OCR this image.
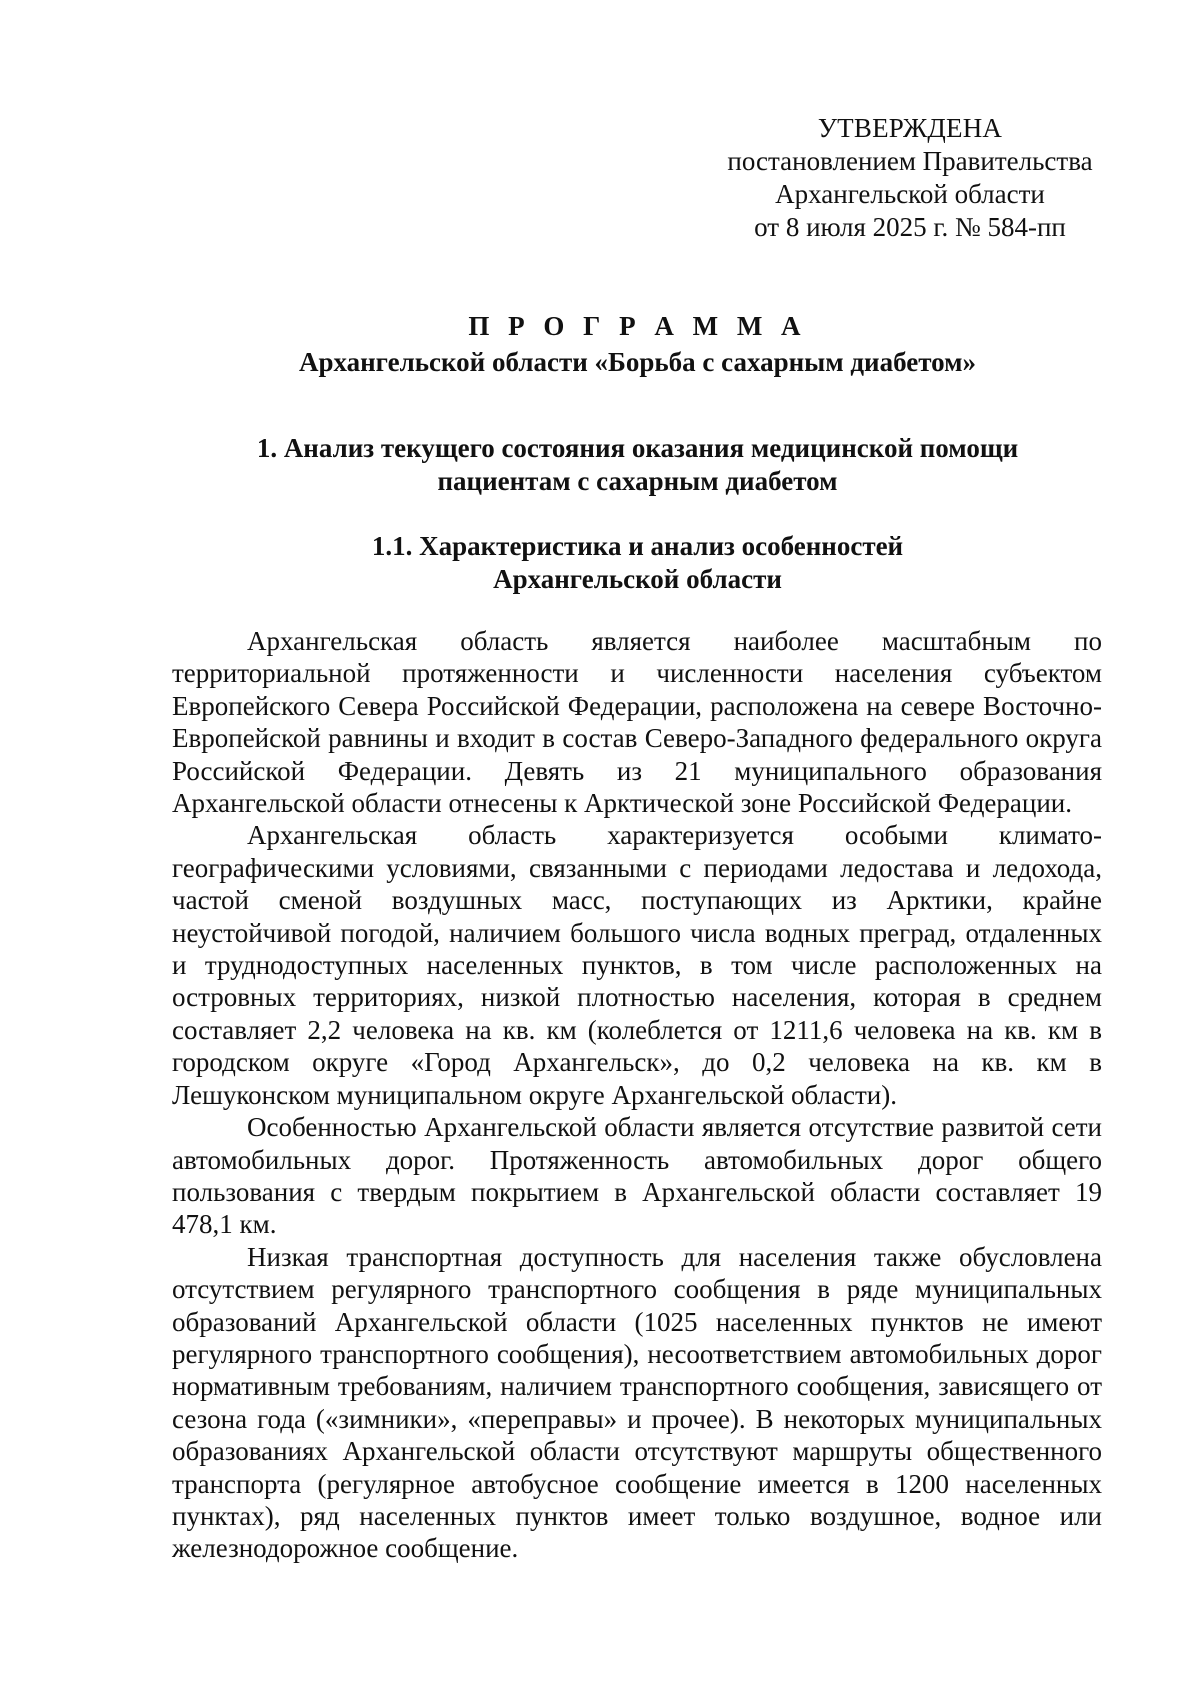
УТВЕРЖДЕНА
постановлением Правительства
Архангельской области
от 8 июля 2025 г. № 584-пп
П Р О Г Р А М М А
Архангельской области «Борьба с сахарным диабетом»
1. Анализ текущего состояния оказания медицинской помощи
пациентам с сахарным диабетом
1.1. Характеристика и анализ особенностей
Архангельской области

Архангельская область является наиболее масштабным по территориальной протяженности и численности населения субъектом Европейского Севера Российской Федерации, расположена на севере Восточно-Европейской равнины и входит в состав Северо-Западного федерального округа Российской Федерации. Девять из 21 муниципального образования Архангельской области отнесены к Арктической зоне Российской Федерации.

Архангельская область характеризуется особыми климато-географическими условиями, связанными с периодами ледостава и ледохода, частой сменой воздушных масс, поступающих из Арктики, крайне неустойчивой погодой, наличием большого числа водных преград, отдаленных и труднодоступных населенных пунктов, в том числе расположенных на островных территориях, низкой плотностью населения, которая в среднем составляет 2,2 человека на кв. км (колеблется от 1211,6 человека на кв. км в городском округе «Город Архангельск», до 0,2 человека на кв. км в Лешуконском муниципальном округе Архангельской области).

Особенностью Архангельской области является отсутствие развитой сети автомобильных дорог. Протяженность автомобильных дорог общего пользования с твердым покрытием в Архангельской области составляет 19 478,1 км.

Низкая транспортная доступность для населения также обусловлена отсутствием регулярного транспортного сообщения в ряде муниципальных образований Архангельской области (1025 населенных пунктов не имеют регулярного транспортного сообщения), несоответствием автомобильных дорог нормативным требованиям, наличием транспортного сообщения, зависящего от сезона года («зимники», «переправы» и прочее). В некоторых муниципальных образованиях Архангельской области отсутствуют маршруты общественного транспорта (регулярное автобусное сообщение имеется в 1200 населенных пунктах), ряд населенных пунктов имеет только воздушное, водное или железнодорожное сообщение.
